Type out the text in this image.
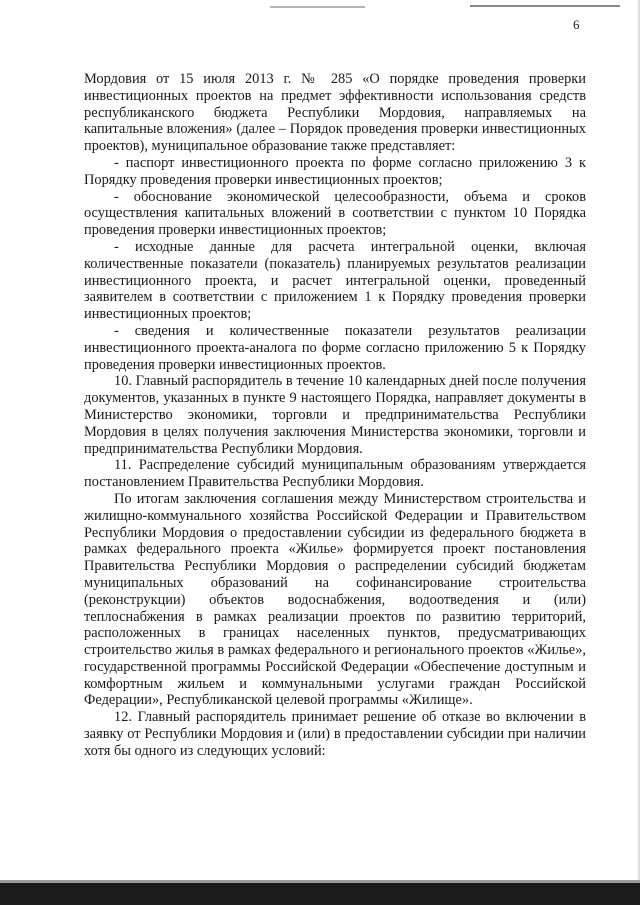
6

Мордовия от 15 июля 2013 г. № 285 «О порядке проведения проверки инвестиционных проектов на предмет эффективности использования средств республиканского бюджета Республики Мордовия, направляемых на капитальные вложения» (далее – Порядок проведения проверки инвестиционных проектов), муниципальное образование также представляет:

- паспорт инвестиционного проекта по форме согласно приложению 3 к Порядку проведения проверки инвестиционных проектов;

- обоснование экономической целесообразности, объема и сроков осуществления капитальных вложений в соответствии с пунктом 10 Порядка проведения проверки инвестиционных проектов;

- исходные данные для расчета интегральной оценки, включая количественные показатели (показатель) планируемых результатов реализации инвестиционного проекта, и расчет интегральной оценки, проведенный заявителем в соответствии с приложением 1 к Порядку проведения проверки инвестиционных проектов;

- сведения и количественные показатели результатов реализации инвестиционного проекта-аналога по форме согласно приложению 5 к Порядку проведения проверки инвестиционных проектов.

10. Главный распорядитель в течение 10 календарных дней после получения документов, указанных в пункте 9 настоящего Порядка, направляет документы в Министерство экономики, торговли и предпринимательства Республики Мордовия в целях получения заключения Министерства экономики, торговли и предпринимательства Республики Мордовия.

11. Распределение субсидий муниципальным образованиям утверждается постановлением Правительства Республики Мордовия.

По итогам заключения соглашения между Министерством строительства и жилищно-коммунального хозяйства Российской Федерации и Правительством Республики Мордовия о предоставлении субсидии из федерального бюджета в рамках федерального проекта «Жилье» формируется проект постановления Правительства Республики Мордовия о распределении субсидий бюджетам муниципальных образований на софинансирование строительства (реконструкции) объектов водоснабжения, водоотведения и (или) теплоснабжения в рамках реализации проектов по развитию территорий, расположенных в границах населенных пунктов, предусматривающих строительство жилья в рамках федерального и регионального проектов «Жилье», государственной программы Российской Федерации «Обеспечение доступным и комфортным жильем и коммунальными услугами граждан Российской Федерации», Республиканской целевой программы «Жилище».

12. Главный распорядитель принимает решение об отказе во включении в заявку от Республики Мордовия и (или) в предоставлении субсидии при наличии хотя бы одного из следующих условий:
